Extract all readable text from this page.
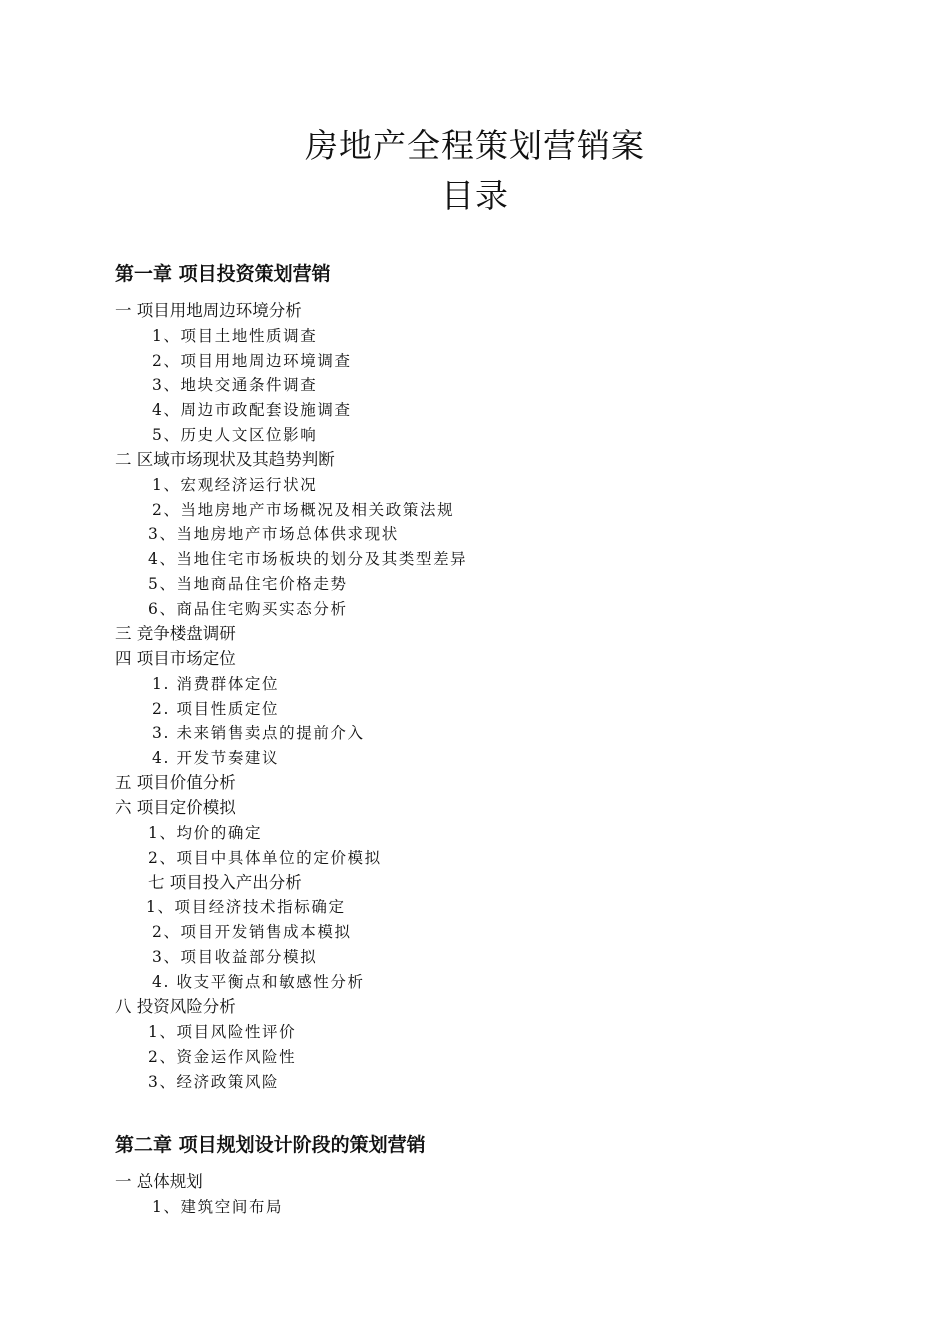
房地产全程策划营销案
目录
第一章 项目投资策划营销
一 项目用地周边环境分析
1、项目土地性质调查
2、项目用地周边环境调查
3、地块交通条件调查
4、周边市政配套设施调查
5、历史人文区位影响
二 区域市场现状及其趋势判断
1、宏观经济运行状况
2、当地房地产市场概况及相关政策法规
3、当地房地产市场总体供求现状
4、当地住宅市场板块的划分及其类型差异
5、当地商品住宅价格走势
6、商品住宅购买实态分析
三 竞争楼盘调研
四 项目市场定位
1. 消费群体定位
2. 项目性质定位
3. 未来销售卖点的提前介入
4. 开发节奏建议
五 项目价值分析
六 项目定价模拟
1、均价的确定
2、项目中具体单位的定价模拟
七 项目投入产出分析
1、项目经济技术指标确定
2、项目开发销售成本模拟
3、项目收益部分模拟
4. 收支平衡点和敏感性分析
八 投资风险分析
1、项目风险性评价
2、资金运作风险性
3、经济政策风险
第二章 项目规划设计阶段的策划营销
一 总体规划
1、建筑空间布局
